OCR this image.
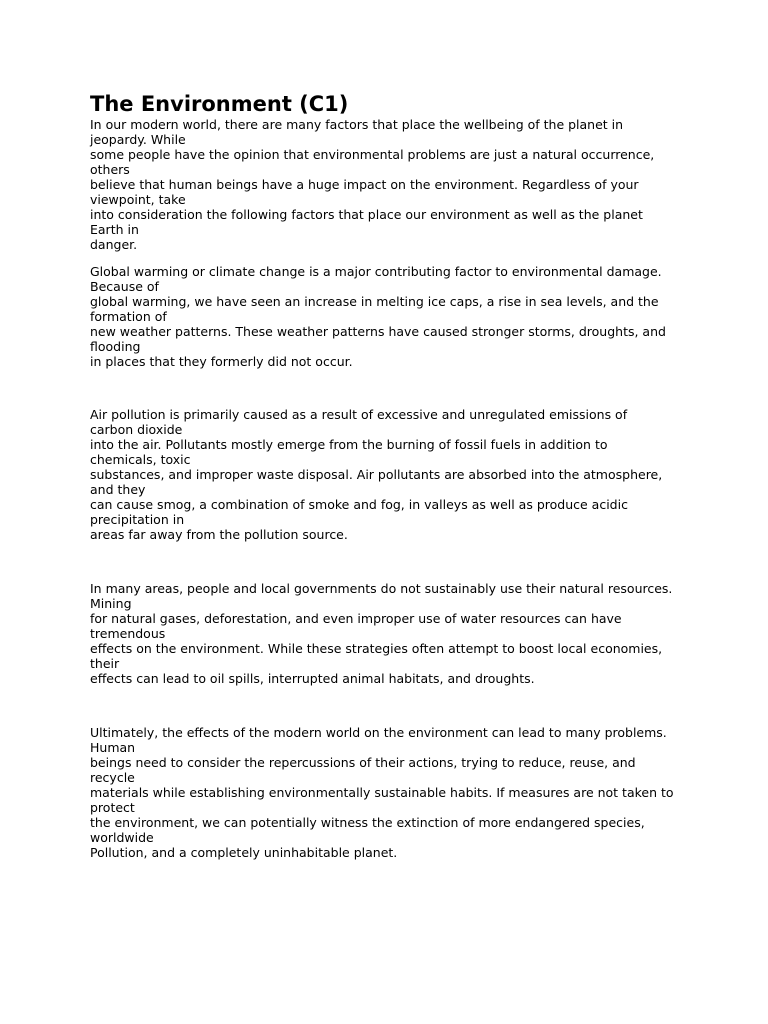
The Environment (C1)
In our modern world, there are many factors that place the wellbeing of the planet in
jeopardy. While
some people have the opinion that environmental problems are just a natural occurrence,
others
believe that human beings have a huge impact on the environment. Regardless of your
viewpoint, take
into consideration the following factors that place our environment as well as the planet
Earth in
danger.
Global warming or climate change is a major contributing factor to environmental damage.
Because of
global warming, we have seen an increase in melting ice caps, a rise in sea levels, and the
formation of
new weather patterns. These weather patterns have caused stronger storms, droughts, and
flooding
in places that they formerly did not occur.
Air pollution is primarily caused as a result of excessive and unregulated emissions of
carbon dioxide
into the air. Pollutants mostly emerge from the burning of fossil fuels in addition to
chemicals, toxic
substances, and improper waste disposal. Air pollutants are absorbed into the atmosphere,
and they
can cause smog, a combination of smoke and fog, in valleys as well as produce acidic
precipitation in
areas far away from the pollution source.
In many areas, people and local governments do not sustainably use their natural resources.
Mining
for natural gases, deforestation, and even improper use of water resources can have
tremendous
effects on the environment. While these strategies often attempt to boost local economies,
their
effects can lead to oil spills, interrupted animal habitats, and droughts.
Ultimately, the effects of the modern world on the environment can lead to many problems.
Human
beings need to consider the repercussions of their actions, trying to reduce, reuse, and
recycle
materials while establishing environmentally sustainable habits. If measures are not taken to
protect
the environment, we can potentially witness the extinction of more endangered species,
worldwide
Pollution, and a completely uninhabitable planet.
